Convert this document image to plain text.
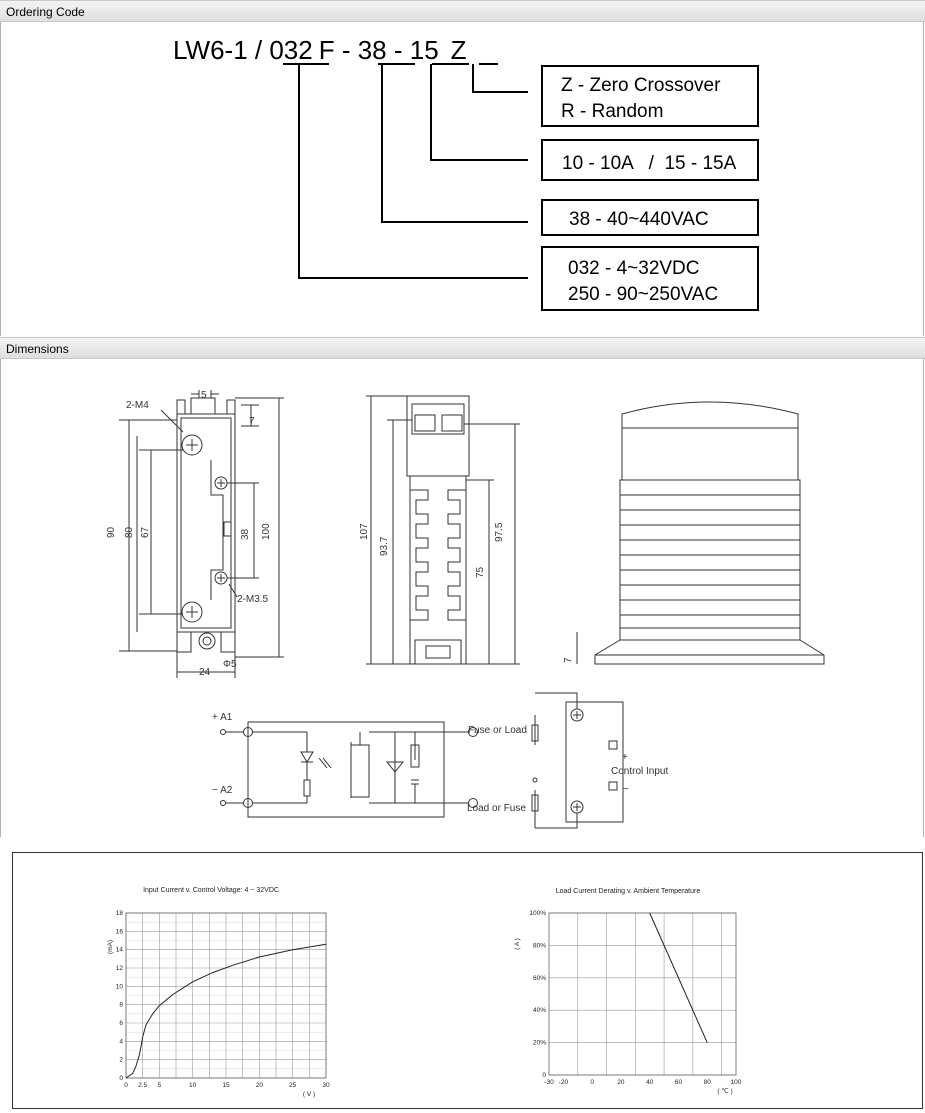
Ordering Code
LW6-1 / 032 F - 38 - 15 Z
Z - Zero Crossover
R - Random
10 - 10A   /  15 - 15A
38 - 40~440VAC
032 - 4~32VDC
250 - 90~250VAC
Dimensions
2-M4
5
7
90 80 67	38 100
2-M3.5
24
Φ5
107
93.7
97.5
75
7
+ A1
− A2
Fuse or Load
Load or Fuse
Control Input
+
−
Input Current v. Control Voltage: 4 ~ 32VDC
0 2.5 5	10	15	20	25	30
0
2
4
6
8
10
12
14
16
18
( V )
(mA)
Load Current Derating v. Ambient Temperature
-30 -20	0	20	40	60	80	100
0
20%
40%
60%
80%
100%
( ℃ )
( A )
